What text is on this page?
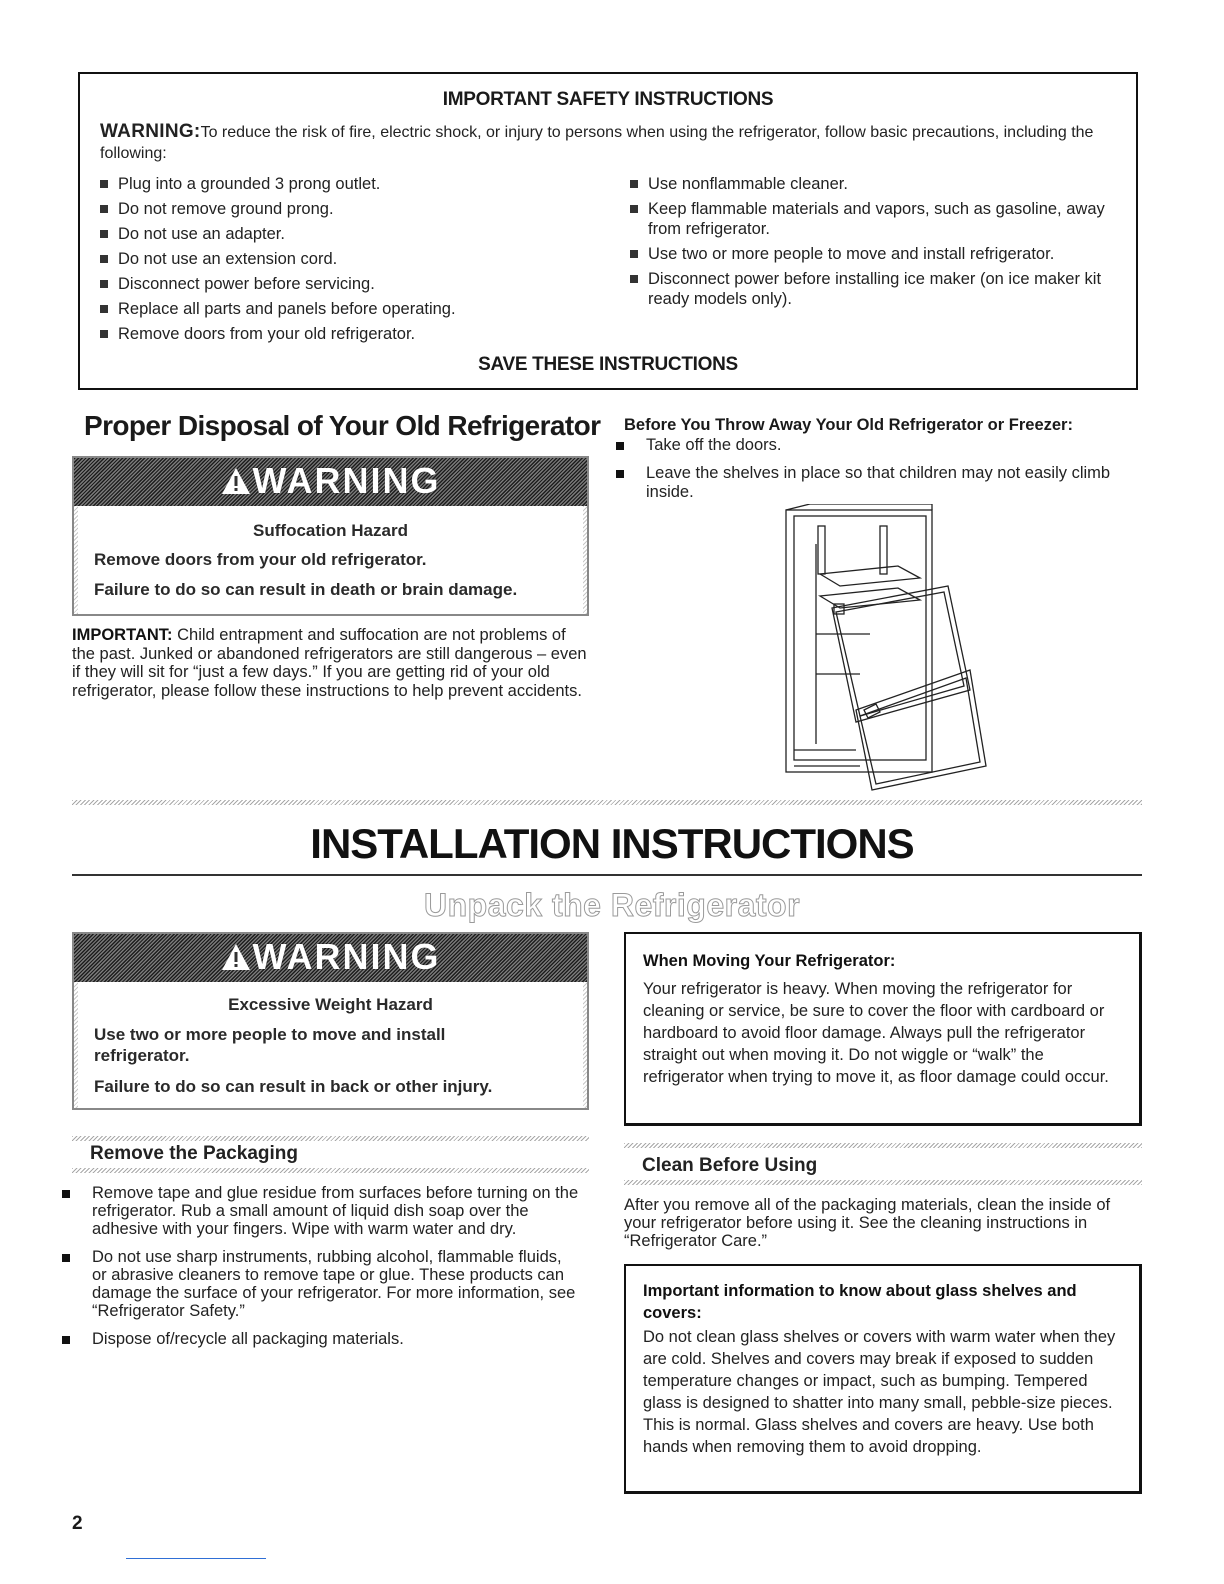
IMPORTANT SAFETY INSTRUCTIONS
WARNING:To reduce the risk of fire, electric shock, or injury to persons when using the refrigerator, follow basic precautions, including the following:
Plug into a grounded 3 prong outlet.
Do not remove ground prong.
Do not use an adapter.
Do not use an extension cord.
Disconnect power before servicing.
Replace all parts and panels before operating.
Remove doors from your old refrigerator.
Use nonflammable cleaner.
Keep flammable materials and vapors, such as gasoline, away from refrigerator.
Use two or more people to move and install refrigerator.
Disconnect power before installing ice maker (on ice maker kit ready models only).
SAVE THESE INSTRUCTIONS
Proper Disposal of Your Old Refrigerator
WARNING
Suffocation Hazard
Remove doors from your old refrigerator.
Failure to do so can result in death or brain damage.
IMPORTANT: Child entrapment and suffocation are not problems of the past. Junked or abandoned refrigerators are still dangerous – even if they will sit for “just a few days.” If you are getting rid of your old refrigerator, please follow these instructions to help prevent accidents.
Before You Throw Away Your Old Refrigerator or Freezer:
Take off the doors.
Leave the shelves in place so that children may not easily climb inside.
INSTALLATION INSTRUCTIONS
Unpack the Refrigerator
WARNING
Excessive Weight Hazard
Use two or more people to move and install refrigerator.
Failure to do so can result in back or other injury.
When Moving Your Refrigerator:
Your refrigerator is heavy. When moving the refrigerator for cleaning or service, be sure to cover the floor with cardboard or hardboard to avoid floor damage. Always pull the refrigerator straight out when moving it. Do not wiggle or “walk” the refrigerator when trying to move it, as floor damage could occur.
Remove the Packaging
Remove tape and glue residue from surfaces before turning on the refrigerator. Rub a small amount of liquid dish soap over the adhesive with your fingers. Wipe with warm water and dry.
Do not use sharp instruments, rubbing alcohol, flammable fluids, or abrasive cleaners to remove tape or glue. These products can damage the surface of your refrigerator. For more information, see “Refrigerator Safety.”
Dispose of/recycle all packaging materials.
Clean Before Using
After you remove all of the packaging materials, clean the inside of your refrigerator before using it. See the cleaning instructions in “Refrigerator Care.”
Important information to know about glass shelves and covers:
Do not clean glass shelves or covers with warm water when they are cold. Shelves and covers may break if exposed to sudden temperature changes or impact, such as bumping. Tempered glass is designed to shatter into many small, pebble-size pieces. This is normal. Glass shelves and covers are heavy. Use both hands when removing them to avoid dropping.
2
